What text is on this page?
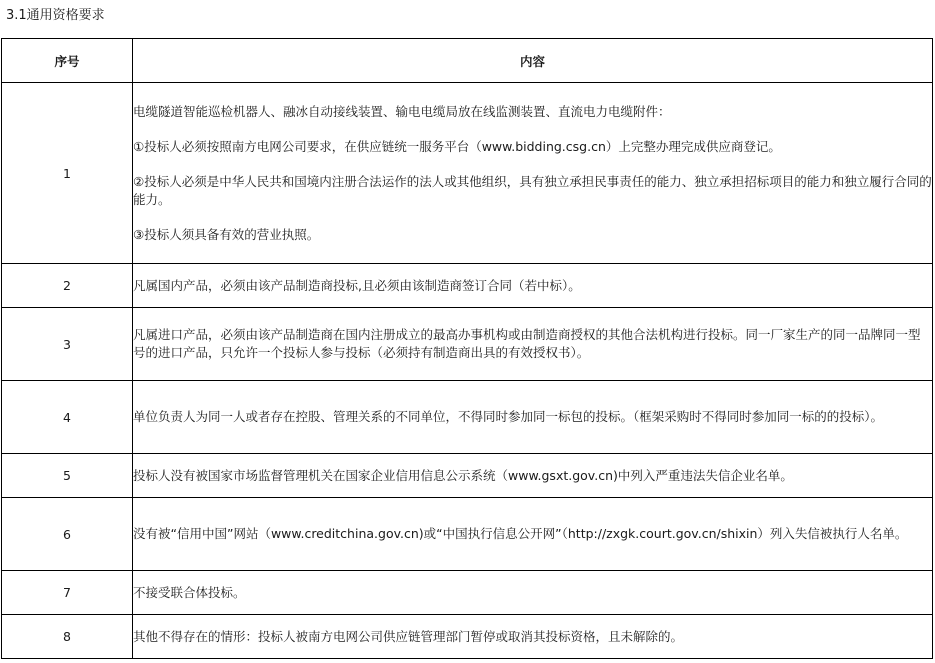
3.1通用资格要求
序号	内容
1	电缆隧道智能巡检机器人、融冰自动接线装置、输电电缆局放在线监测装置、直流电力电缆附件：

①投标人必须按照南方电网公司要求，在供应链统一服务平台（www.bidding.csg.cn）上完整办理完成供应商登记。

②投标人必须是中华人民共和国境内注册合法运作的法人或其他组织，具有独立承担民事责任的能力、独立承担招标项目的能力和独立履行合同的能力。

③投标人须具备有效的营业执照。

2	凡属国内产品，必须由该产品制造商投标,且必须由该制造商签订合同（若中标）。
3	凡属进口产品，必须由该产品制造商在国内注册成立的最高办事机构或由制造商授权的其他合法机构进行投标。同一厂家生产的同一品牌同一型号的进口产品，只允许一个投标人参与投标（必须持有制造商出具的有效授权书）。
4	单位负责人为同一人或者存在控股、管理关系的不同单位，不得同时参加同一标包的投标。（框架采购时不得同时参加同一标的的投标）。
5	投标人没有被国家市场监督管理机关在国家企业信用信息公示系统（www.gsxt.gov.cn)中列入严重违法失信企业名单。
6	没有被“信用中国”网站（www.creditchina.gov.cn)或“中国执行信息公开网”（http://zxgk.court.gov.cn/shixin）列入失信被执行人名单。
7	不接受联合体投标。
8	其他不得存在的情形：投标人被南方电网公司供应链管理部门暂停或取消其投标资格，且未解除的。
